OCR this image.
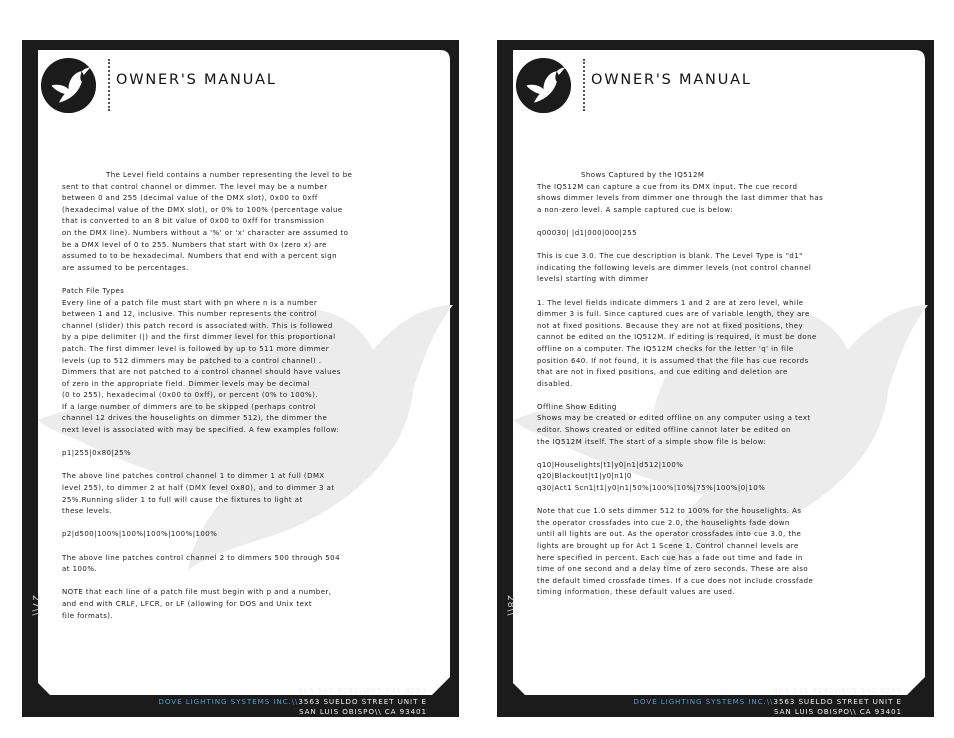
OWNER'S MANUAL

The Level field contains a number representing the level to be

sent to that control channel or dimmer. The level may be a number

between 0 and 255 (decimal value of the DMX slot), 0x00 to 0xff

(hexadecimal value of the DMX slot), or 0% to 100% (percentage value

that is converted to an 8 bit value of 0x00 to 0xff for transmission

on the DMX line). Numbers without a '%' or 'x' character are assumed to

be a DMX level of 0 to 255. Numbers that start with 0x (zero x) are

assumed to to be hexadecimal. Numbers that end with a percent sign

are assumed to be percentages.

Patch File Types

Every line of a patch file must start with pn where n is a number

between 1 and 12, inclusive. This number represents the control

channel (slider) this patch record is associated with. This is followed

by a pipe delimiter (|) and the first dimmer level for this proportional

patch. The first dimmer level is followed by up to 511 more dimmer

levels (up to 512 dimmers may be patched to a control channel) .

Dimmers that are not patched to a control channel should have values

of zero in the appropriate field. Dimmer levels may be decimal

(0 to 255), hexadecimal (0x00 to 0xff), or percent (0% to 100%).

If a large number of dimmers are to be skipped (perhaps control

channel 12 drives the houselights on dimmer 512), the dimmer the

next level is associated with may be specified. A few examples follow:

p1|255|0x80|25%

The above line patches control channel 1 to dimmer 1 at full (DMX

level 255), to dimmer 2 at half (DMX level 0x80), and to dimmer 3 at

25%.Running slider 1 to full will cause the fixtures to light at

these levels.

p2|d500|100%|100%|100%|100%|100%

The above line patches control channel 2 to dimmers 500 through 504

at 100%.

NOTE that each line of a patch file must begin with p and a number,

and end with CRLF, LFCR, or LF (allowing for DOS and Unix text

file formats).

27\\
805.541.8292\\805.541.8293
DOVE LIGHTING SYSTEMS INC.\\3563 SUELDO STREET UNIT E
SAN LUIS OBISPO\\ CA 93401
OWNER'S MANUAL

Shows Captured by the IQ512M

The IQ512M can capture a cue from its DMX input. The cue record

shows dimmer levels from dimmer one through the last dimmer that has

a non-zero level. A sample captured cue is below:

q00030| |d1|000|000|255

This is cue 3.0. The cue description is blank. The Level Type is "d1"

indicating the following levels are dimmer levels (not control channel

levels) starting with dimmer

1. The level fields indicate dimmers 1 and 2 are at zero level, while

dimmer 3 is full. Since captured cues are of variable length, they are

not at fixed positions. Because they are not at fixed positions, they

cannot be edited on the IQ512M. If editing is required, it must be done

offline on a computer. The IQ512M checks for the letter 'q' in file

position 640. If not found, it is assumed that the file has cue records

that are not in fixed positions, and cue editing and deletion are

disabled.

Offline Show Editing

Shows may be created or edited offline on any computer using a text

editor. Shows created or edited offline cannot later be edited on

the IQ512M itself. The start of a simple show file is below:

q10|Houselights|t1|y0|n1|d512|100%

q20|Blackout|t1|y0|n1|0

q30|Act1 Scn1|t1|y0|n1|50%|100%|10%|75%|100%|0|10%

Note that cue 1.0 sets dimmer 512 to 100% for the houselights. As

the operator crossfades into cue 2.0, the houselights fade down

until all lights are out. As the operator crossfades into cue 3.0, the

lights are brought up for Act 1 Scene 1. Control channel levels are

here specified in percent. Each cue has a fade out time and fade in

time of one second and a delay time of zero seconds. These are also

the default timed crossfade times. If a cue does not include crossfade

timing information, these default values are used.

28\\
805.541.8292\\805.541.8293
DOVE LIGHTING SYSTEMS INC.\\3563 SUELDO STREET UNIT E
SAN LUIS OBISPO\\ CA 93401
